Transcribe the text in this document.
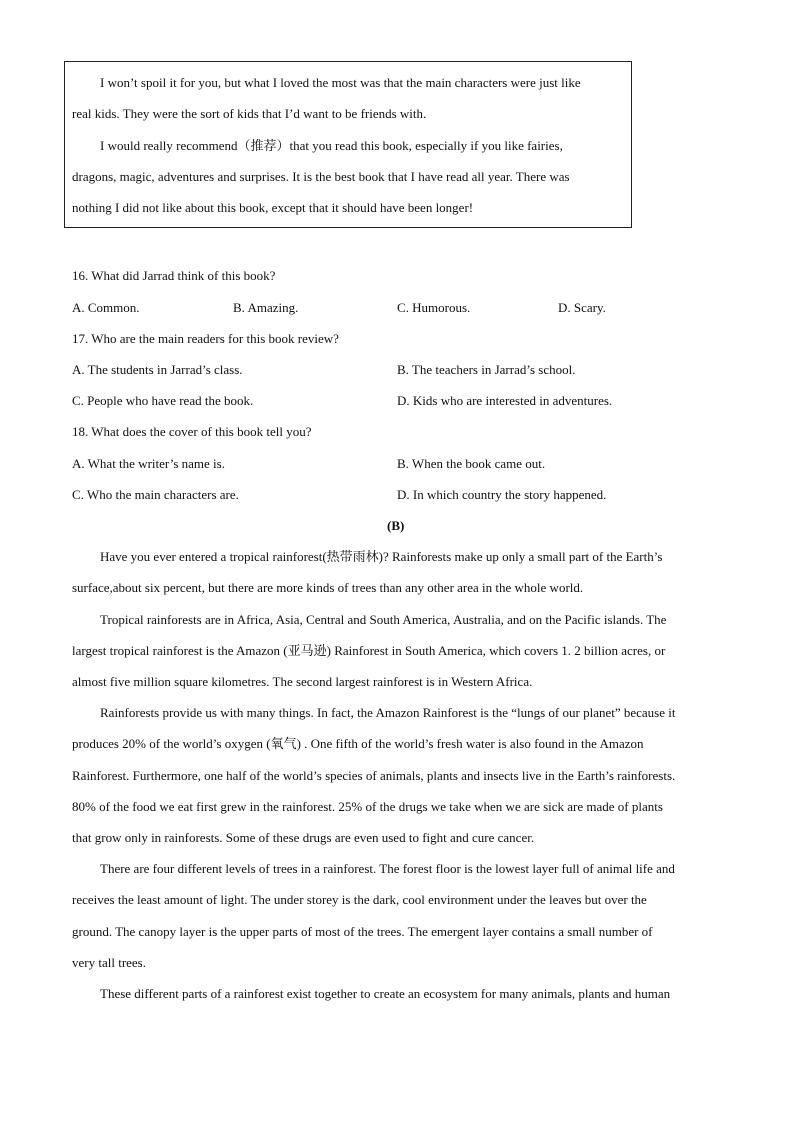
I won’t spoil it for you, but what I loved the most was that the main characters were just like
real kids. They were the sort of kids that I’d want to be friends with.
I would really recommend（推荐）that you read this book, especially if you like fairies,
dragons, magic, adventures and surprises. It is the best book that I have read all year. There was
nothing I did not like about this book, except that it should have been longer!
16. What did Jarrad think of this book?
A. Common.	B. Amazing.	C. Humorous.	D. Scary.
17. Who are the main readers for this book review?
A. The students in Jarrad’s class.	B. The teachers in Jarrad’s school.
C. People who have read the book.	D. Kids who are interested in adventures.
18. What does the cover of this book tell you?
A. What the writer’s name is.	B. When the book came out.
C. Who the main characters are.	D. In which country the story happened.
(B)
Have you ever entered a tropical rainforest(热带雨林)? Rainforests make up only a small part of the Earth’s
surface,about six percent, but there are more kinds of trees than any other area in the whole world.
Tropical rainforests are in Africa, Asia, Central and South America, Australia, and on the Pacific islands. The
largest tropical rainforest is the Amazon (亚马逊) Rainforest in South America, which covers 1. 2 billion acres, or
almost five million square kilometres. The second largest rainforest is in Western Africa.
Rainforests provide us with many things. In fact, the Amazon Rainforest is the “lungs of our planet” because it
produces 20% of the world’s oxygen (氧气) . One fifth of the world’s fresh water is also found in the Amazon
Rainforest. Furthermore, one half of the world’s species of animals, plants and insects live in the Earth’s rainforests.
80% of the food we eat first grew in the rainforest. 25% of the drugs we take when we are sick are made of plants
that grow only in rainforests. Some of these drugs are even used to fight and cure cancer.
There are four different levels of trees in a rainforest. The forest floor is the lowest layer full of animal life and
receives the least amount of light. The under storey is the dark, cool environment under the leaves but over the
ground. The canopy layer is the upper parts of most of the trees. The emergent layer contains a small number of
very tall trees.
These different parts of a rainforest exist together to create an ecosystem for many animals, plants and human
